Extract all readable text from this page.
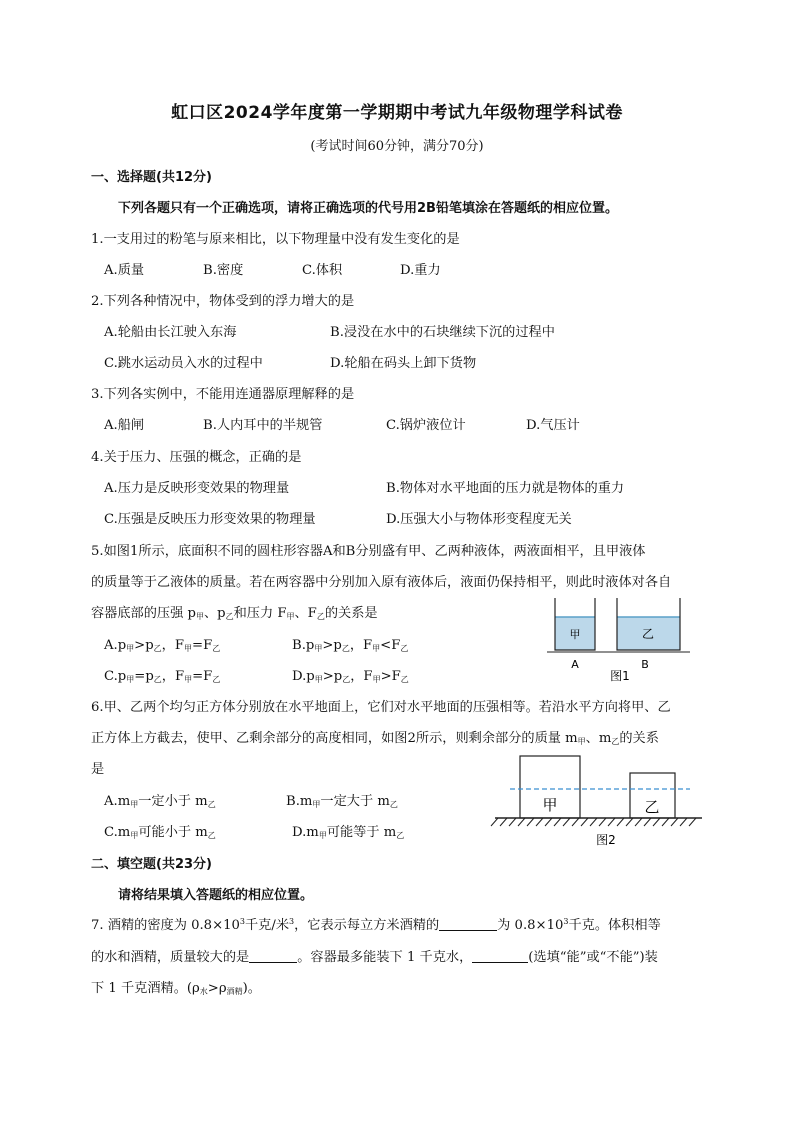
虹口区2024学年度第一学期期中考试九年级物理学科试卷
(考试时间60分钟，满分70分)
一、选择题(共12分)
下列各题只有一个正确选项，请将正确选项的代号用2B铅笔填涂在答题纸的相应位置。
1.一支用过的粉笔与原来相比，以下物理量中没有发生变化的是
A.质量	B.密度	C.体积	D.重力
2.下列各种情况中，物体受到的浮力增大的是
A.轮船由长江驶入东海	B.浸没在水中的石块继续下沉的过程中
C.跳水运动员入水的过程中	D.轮船在码头上卸下货物
3.下列各实例中，不能用连通器原理解释的是
A.船闸	B.人内耳中的半规管	C.锅炉液位计	D.气压计
4.关于压力、压强的概念，正确的是
A.压力是反映形变效果的物理量	B.物体对水平地面的压力就是物体的重力
C.压强是反映压力形变效果的物理量	D.压强大小与物体形变程度无关
5.如图1所示，底面积不同的圆柱形容器A和B分别盛有甲、乙两种液体，两液面相平，且甲液体
的质量等于乙液体的质量。若在两容器中分别加入原有液体后，液面仍保持相平，则此时液体对各自
容器底部的压强 $p_甲$、$p_乙$和压力 $F_甲$、$F_乙$的关系是
$A.p_甲>p_乙$，$F_甲=F_乙$	$B.p_甲>p_乙$，$F_甲<F_乙$
$C.p_甲=p_乙$，$F_甲=F_乙$	$D.p_甲>p_乙$，$F_甲>F_乙$
甲	乙
A	B
图1
6.甲、乙两个均匀正方体分别放在水平地面上，它们对水平地面的压强相等。若沿水平方向将甲、乙
正方体上方截去，使甲、乙剩余部分的高度相同，如图2所示，则剩余部分的质量 $m_甲$、$m_乙$的关系
是
$A.m_甲$一定小于 $m_乙$	$B.m_甲$一定大于 $m_乙$
$C.m_甲$可能小于 $m_乙$	$D.m_甲$可能等于 $m_乙$
甲	乙
图2
二、填空题(共23分)
请将结果填入答题纸的相应位置。
7. 酒精的密度为 $0.8\times 10^3$千克/米$^3$，它表示每立方米酒精的	为 $0.8\times 10^3$千克。体积相等
的水和酒精，质量较大的是	。容器最多能装下 1 千克水，	(选填“能”或“不能”)装
下 1 千克酒精。$(\rho_水>\rho_{酒精})$。
